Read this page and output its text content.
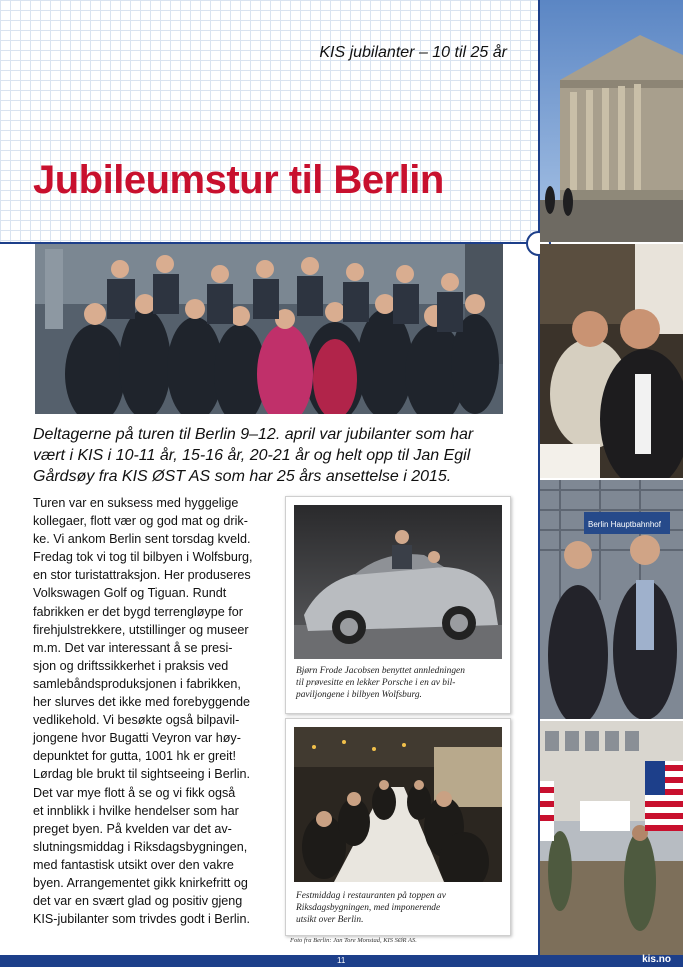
KIS jubilanter – 10 til 25 år
Jubileumstur til Berlin
Deltagerne på turen til Berlin 9–12. april var jubilanter som har
vært i KIS i 10-11 år, 15-16 år, 20-21 år og helt opp til Jan Egil
Gårdsøy fra KIS ØST AS som har 25 års ansettelse i 2015.
Turen var en suksess med hyggelige
kollegaer, flott vær og god mat og drik-
ke. Vi ankom Berlin sent torsdag kveld.
Fredag tok vi tog til bilbyen i Wolfsburg,
en stor turistattraksjon. Her produseres
Volkswagen Golf og Tiguan. Rundt
fabrikken er det bygd terrengløype for
firehjulstrekkere, utstillinger og museer
m.m. Det var interessant å se presi-
sjon og driftssikkerhet i praksis ved
samlebåndsproduksjonen i fabrikken,
her slurves det ikke med forebyggende
vedlikehold. Vi besøkte også bilpavil-
jongene hvor Bugatti Veyron var høy-
depunktet for gutta, 1001 hk er greit!
Lørdag ble brukt til sightseeing i Berlin.
Det var mye flott å se og vi fikk også
et innblikk i hvilke hendelser som har
preget byen. På kvelden var det av-
slutningsmiddag i Riksdagsbygningen,
med fantastisk utsikt over den vakre
byen. Arrangementet gikk knirkefritt og
det var en svært glad og positiv gjeng
KIS-jubilanter som trivdes godt i Berlin.
Bjørn Frode Jacobsen benyttet annledningen
til prøvesitte en lekker Porsche i en av bil-
paviljongene i bilbyen Wolfsburg.
Festmiddag i restauranten på toppen av
Riksdagsbygningen, med imponerende
utsikt over Berlin.
Foto fra Berlin: Jan Tore Monstad, KIS SØR AS.
Berlin Hauptbahnhof
11	kis.no
